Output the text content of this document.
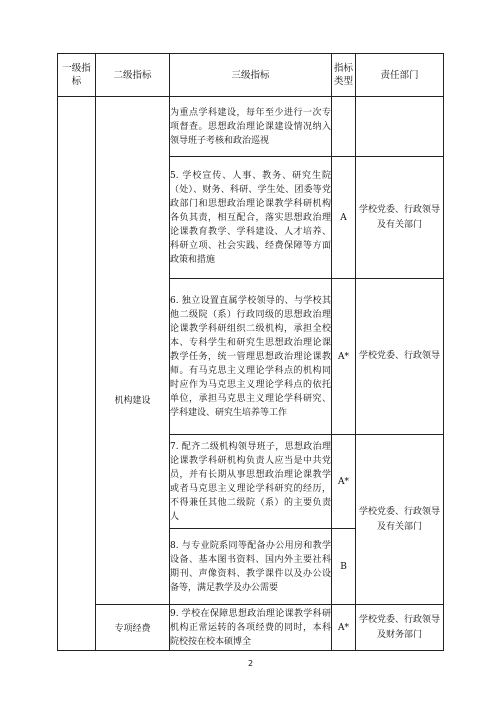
一级指标	二级指标	三级指标	指标类型	责任部门
	机构建设	为重点学科建设，每年至少进行一次专项督查。思想政治理论课建设情况纳入领导班子考核和政治巡视		
		5. 学校宣传、人事、教务、研究生院（处）、财务、科研、学生处、团委等党政部门和思想政治理论课教学科研机构各负其责，相互配合，落实思想政治理论课教育教学、学科建设、人才培养、科研立项、社会实践、经费保障等方面政策和措施	A	学校党委、行政领导及有关部门
		6. 独立设置直属学校领导的、与学校其他二级院（系）行政同级的思想政治理论课教学科研组织二级机构，承担全校本、专科学生和研究生思想政治理论课教学任务，统一管理思想政治理论课教师。有马克思主义理论学科点的机构同时应作为马克思主义理论学科点的依托单位，承担马克思主义理论学科研究、学科建设、研究生培养等工作	A*	学校党委、行政领导
		7. 配齐二级机构领导班子，思想政治理论课教学科研机构负责人应当是中共党员，并有长期从事思想政治理论课教学或者马克思主义理论学科研究的经历，不得兼任其他二级院（系）的主要负责人	A*	学校党委、行政领导及有关部门
		8. 与专业院系同等配备办公用房和教学设备、基本图书资料、国内外主要社科期刊、声像资料、教学课件以及办公设备等，满足教学及办公需要	B	
	专项经费	9. 学校在保障思想政治理论课教学科研机构正常运转的各项经费的同时，本科院校按在校本硕博全	A*	学校党委、行政领导及财务部门
2
